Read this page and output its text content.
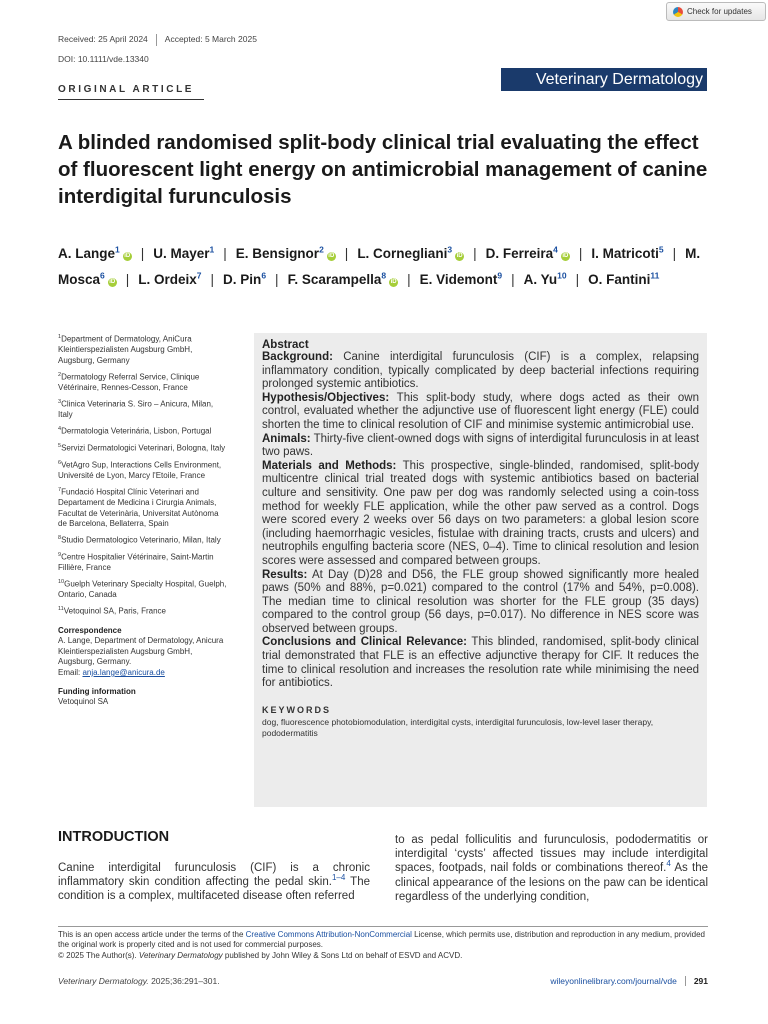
Received: 25 April 2024 Accepted: 5 March 2025
DOI: 10.1111/vde.13340
Check for updates
Veterinary Dermatology
ORIGINAL ARTICLE
A blinded randomised split-body clinical trial evaluating the effect of fluorescent light energy on antimicrobial management of canine interdigital furunculosis
A. Lange$^1$iD | U. Mayer$^1$ | E. Bensignor$^2$iD | L. Cornegliani$^3$iD | D. Ferreira$^4$iD | I. Matricoti$^5$ | M. Mosca$^6$iD | L. Ordeix$^7$ | D. Pin$^6$ | F. Scarampella$^8$iD | E. Videmont$^9$ | A. Yu$^{10}$ | O. Fantini$^{11}$
$^1$Department of Dermatology, AniCura Kleintierspezialisten Augsburg GmbH, Augsburg, Germany
$^2$Dermatology Referral Service, Clinique Vétérinaire, Rennes-Cesson, France
$^3$Clinica Veterinaria S. Siro – Anicura, Milan, Italy
$^4$Dermatologia Veterinária, Lisbon, Portugal
$^5$Servizi Dermatologici Veterinari, Bologna, Italy
$^6$VetAgro Sup, Interactions Cells Environment, Université de Lyon, Marcy l'Etoile, France
$^7$Fundació Hospital Clínic Veterinari and Departament de Medicina i Cirurgia Animals, Facultat de Veterinària, Universitat Autònoma de Barcelona, Bellaterra, Spain
$^8$Studio Dermatologico Veterinario, Milan, Italy
$^9$Centre Hospitalier Vétérinaire, Saint-Martin Fillière, France
$^{10}$Guelph Veterinary Specialty Hospital, Guelph, Ontario, Canada
$^{11}$Vetoquinol SA, Paris, France
Correspondence
A. Lange, Department of Dermatology, Anicura Kleintierspezialisten Augsburg GmbH, Augsburg, Germany.
Email: anja.lange@anicura.de
Funding information
Vetoquinol SA
Abstract

Background: Canine interdigital furunculosis (CIF) is a complex, relapsing inflammatory condition, typically complicated by deep bacterial infections requiring prolonged systemic antibiotics.

Hypothesis/Objectives: This split-body study, where dogs acted as their own control, evaluated whether the adjunctive use of fluorescent light energy (FLE) could shorten the time to clinical resolution of CIF and minimise systemic antimicrobial use.

Animals: Thirty-five client-owned dogs with signs of interdigital furunculosis in at least two paws.

Materials and Methods: This prospective, single-blinded, randomised, split-body multicentre clinical trial treated dogs with systemic antibiotics based on bacterial culture and sensitivity. One paw per dog was randomly selected using a coin-toss method for weekly FLE application, while the other paw served as a control. Dogs were scored every 2 weeks over 56 days on two parameters: a global lesion score (including haemorrhagic vesicles, fistulae with draining tracts, crusts and ulcers) and neutrophils engulfing bacteria score (NES, 0–4). Time to clinical resolution and lesion scores were assessed and compared between groups.

Results: At Day (D)28 and D56, the FLE group showed significantly more healed paws (50% and 88%, p=0.021) compared to the control (17% and 54%, p=0.008). The median time to clinical resolution was shorter for the FLE group (35 days) compared to the control group (56 days, p=0.017). No difference in NES score was observed between groups.

Conclusions and Clinical Relevance: This blinded, randomised, split-body clinical trial demonstrated that FLE is an effective adjunctive therapy for CIF. It reduces the time to clinical resolution and increases the resolution rate while minimising the need for antibiotics.

KEYWORDS
dog, fluorescence photobiomodulation, interdigital cysts, interdigital furunculosis, low-level laser therapy, pododermatitis
INTRODUCTION
Canine interdigital furunculosis (CIF) is a chronic inflammatory skin condition affecting the pedal skin.$^{1-4}$ The condition is a complex, multifaceted disease often referred
to as pedal folliculitis and furunculosis, pododermatitis or interdigital ‘cysts’ affected tissues may include interdigital spaces, footpads, nail folds or combinations thereof.$^4$ As the clinical appearance of the lesions on the paw can be identical regardless of the underlying condition,
This is an open access article under the terms of the Creative Commons Attribution-NonCommercial License, which permits use, distribution and reproduction in any medium, provided the original work is properly cited and is not used for commercial purposes.
© 2025 The Author(s). Veterinary Dermatology published by John Wiley & Sons Ltd on behalf of ESVD and ACVD.
Veterinary Dermatology. 2025;36:291–301.	wileyonlinelibrary.com/journal/vde	291
